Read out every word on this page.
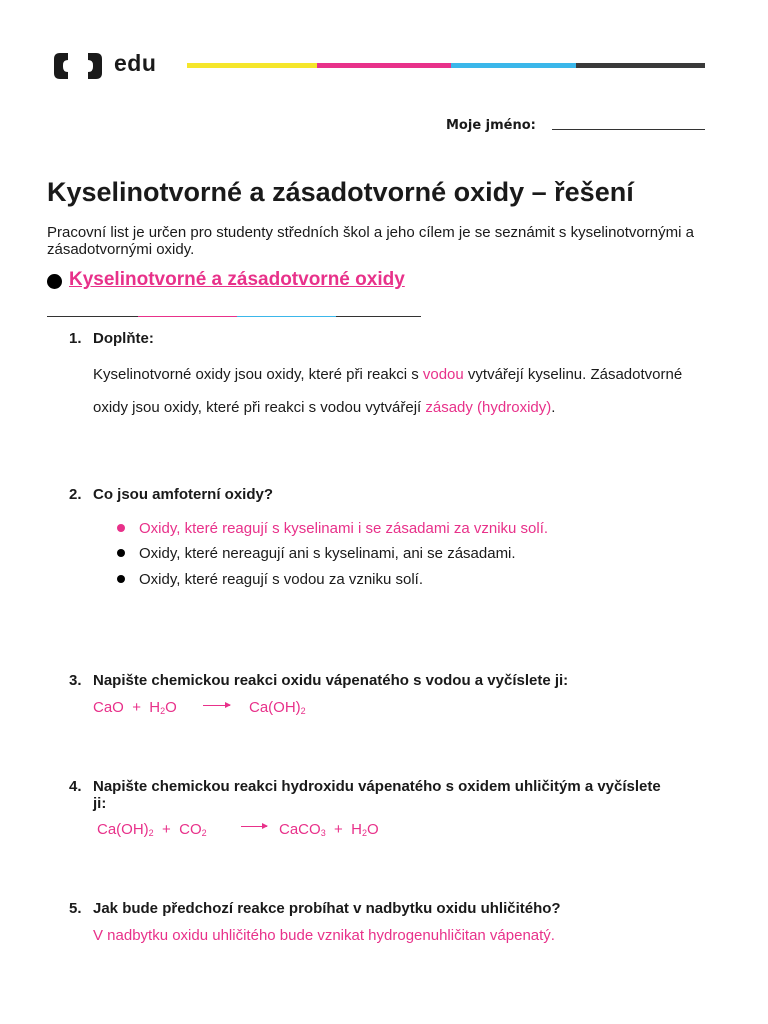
edu
Moje jméno:
Kyselinotvorné a zásadotvorné oxidy – řešení
Pracovní list je určen pro studenty středních škol a jeho cílem je se seznámit s kyselinotvornými a zásadotvornými oxidy.
Kyselinotvorné a zásadotvorné oxidy
1. Doplňte:
Kyselinotvorné oxidy jsou oxidy, které při reakci s vodou vytvářejí kyselinu. Zásadotvorné
oxidy jsou oxidy, které při reakci s vodou vytvářejí zásady (hydroxidy).
2. Co jsou amfoterní oxidy?
Oxidy, které reagují s kyselinami i se zásadami za vzniku solí.
Oxidy, které nereagují ani s kyselinami, ani se zásadami.
Oxidy, které reagují s vodou za vzniku solí.
3. Napište chemickou reakci oxidu vápenatého s vodou a vyčíslete ji:
CaO + $H_2O$	$Ca(OH)_2$
4. Napište chemickou reakci hydroxidu vápenatého s oxidem uhličitým a vyčíslete
ji:
$Ca(OH)_2 + CO_2$	CaCO$_3$ + $H_2O$
5. Jak bude předchozí reakce probíhat v nadbytku oxidu uhličitého?
V nadbytku oxidu uhličitého bude vznikat hydrogenuhličitan vápenatý.
